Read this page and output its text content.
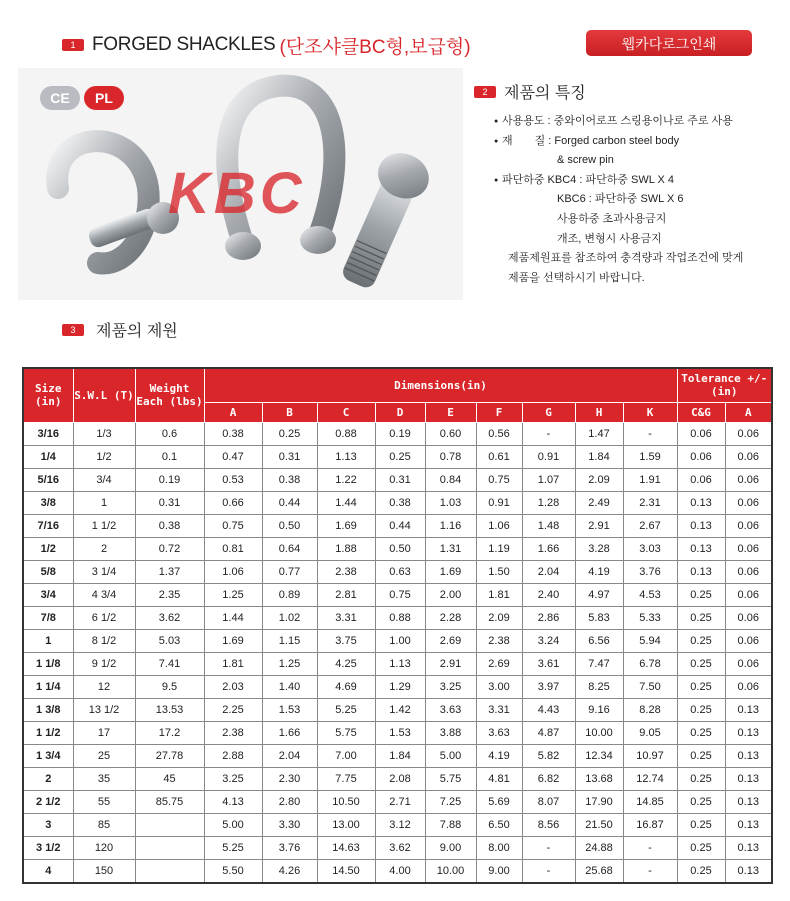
1 FORGED SHACKLES (단조샤클BC형,보급형)	웹카다로그인쇄
CE	PL
KBC
2	제품의 특징
● 사용용도 : 중와이어로프 스링용이나로 주로 사용
● 재　　질 : Forged carbon steel body
　　　　　& screw pin
● 파단하중 KBC4 : 파단하중 SWL X 4
　　　　　KBC6 : 파단하중 SWL X 6
　　　　　사용하중 초과사용금지
　　　　　개조, 변형시 사용금지
제품제원표를 참조하여 충격량과 작업조건에 맞게
제품을 선택하시기 바랍니다.
3	제품의 제원
Size (in)	S.W.L (T)	Weight Each (lbs)	Dimensions(in)									Tolerance +/- (in)	
			A	B	C	D	E	F	G	H	K	C&G	A
3/16	1/3	0.6	0.38	0.25	0.88	0.19	0.60	0.56	-	1.47	-	0.06	0.06
1/4	1/2	0.1	0.47	0.31	1.13	0.25	0.78	0.61	0.91	1.84	1.59	0.06	0.06
5/16	3/4	0.19	0.53	0.38	1.22	0.31	0.84	0.75	1.07	2.09	1.91	0.06	0.06
3/8	1	0.31	0.66	0.44	1.44	0.38	1.03	0.91	1.28	2.49	2.31	0.13	0.06
7/16	1 1/2	0.38	0.75	0.50	1.69	0.44	1.16	1.06	1.48	2.91	2.67	0.13	0.06
1/2	2	0.72	0.81	0.64	1.88	0.50	1.31	1.19	1.66	3.28	3.03	0.13	0.06
5/8	3 1/4	1.37	1.06	0.77	2.38	0.63	1.69	1.50	2.04	4.19	3.76	0.13	0.06
3/4	4 3/4	2.35	1.25	0.89	2.81	0.75	2.00	1.81	2.40	4.97	4.53	0.25	0.06
7/8	6 1/2	3.62	1.44	1.02	3.31	0.88	2.28	2.09	2.86	5.83	5.33	0.25	0.06
1	8 1/2	5.03	1.69	1.15	3.75	1.00	2.69	2.38	3.24	6.56	5.94	0.25	0.06
1 1/8	9 1/2	7.41	1.81	1.25	4.25	1.13	2.91	2.69	3.61	7.47	6.78	0.25	0.06
1 1/4	12	9.5	2.03	1.40	4.69	1.29	3.25	3.00	3.97	8.25	7.50	0.25	0.06
1 3/8	13 1/2	13.53	2.25	1.53	5.25	1.42	3.63	3.31	4.43	9.16	8.28	0.25	0.13
1 1/2	17	17.2	2.38	1.66	5.75	1.53	3.88	3.63	4.87	10.00	9.05	0.25	0.13
1 3/4	25	27.78	2.88	2.04	7.00	1.84	5.00	4.19	5.82	12.34	10.97	0.25	0.13
2	35	45	3.25	2.30	7.75	2.08	5.75	4.81	6.82	13.68	12.74	0.25	0.13
2 1/2	55	85.75	4.13	2.80	10.50	2.71	7.25	5.69	8.07	17.90	14.85	0.25	0.13
3	85		5.00	3.30	13.00	3.12	7.88	6.50	8.56	21.50	16.87	0.25	0.13
3 1/2	120		5.25	3.76	14.63	3.62	9.00	8.00	-	24.88	-	0.25	0.13
4	150		5.50	4.26	14.50	4.00	10.00	9.00	-	25.68	-	0.25	0.13
